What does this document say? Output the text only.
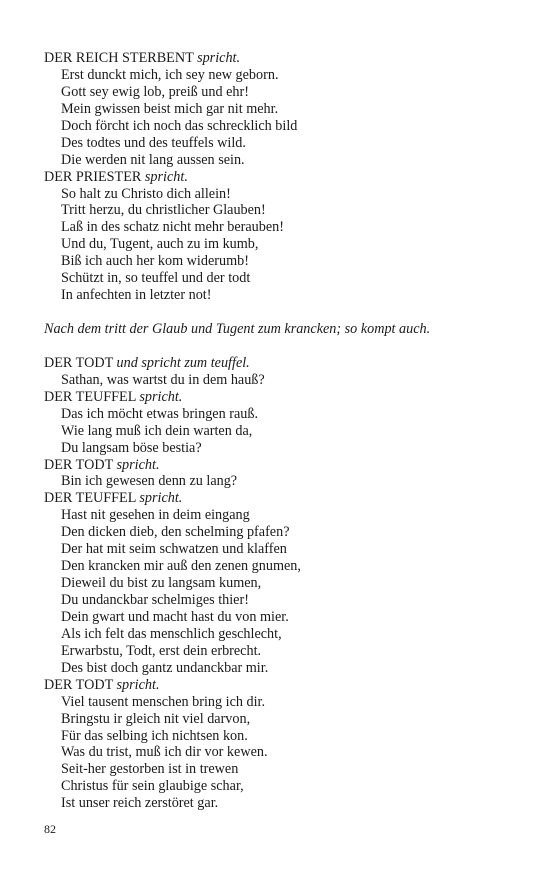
DER REICH STERBENT spricht.
Erst dunckt mich, ich sey new geborn.
Gott sey ewig lob, preiß und ehr!
Mein gwissen beist mich gar nit mehr.
Doch förcht ich noch das schrecklich bild
Des todtes und des teuffels wild.
Die werden nit lang aussen sein.
DER PRIESTER spricht.
So halt zu Christo dich allein!
Tritt herzu, du christlicher Glauben!
Laß in des schatz nicht mehr berauben!
Und du, Tugent, auch zu im kumb,
Biß ich auch her kom widerumb!
Schützt in, so teuffel und der todt
In anfechten in letzter not!
Nach dem tritt der Glaub und Tugent zum krancken; so kompt auch.
DER TODT und spricht zum teuffel.
Sathan, was wartst du in dem hauß?
DER TEUFFEL spricht.
Das ich möcht etwas bringen rauß.
Wie lang muß ich dein warten da,
Du langsam böse bestia?
DER TODT spricht.
Bin ich gewesen denn zu lang?
DER TEUFFEL spricht.
Hast nit gesehen in deim eingang
Den dicken dieb, den schelming pfafen?
Der hat mit seim schwatzen und klaffen
Den krancken mir auß den zenen gnumen,
Dieweil du bist zu langsam kumen,
Du undanckbar schelmiges thier!
Dein gwart und macht hast du von mier.
Als ich felt das menschlich geschlecht,
Erwarbstu, Todt, erst dein erbrecht.
Des bist doch gantz undanckbar mir.
DER TODT spricht.
Viel tausent menschen bring ich dir.
Bringstu ir gleich nit viel darvon,
Für das selbing ich nichtsen kon.
Was du trist, muß ich dir vor kewen.
Seit-her gestorben ist in trewen
Christus für sein glaubige schar,
Ist unser reich zerstöret gar.
82
